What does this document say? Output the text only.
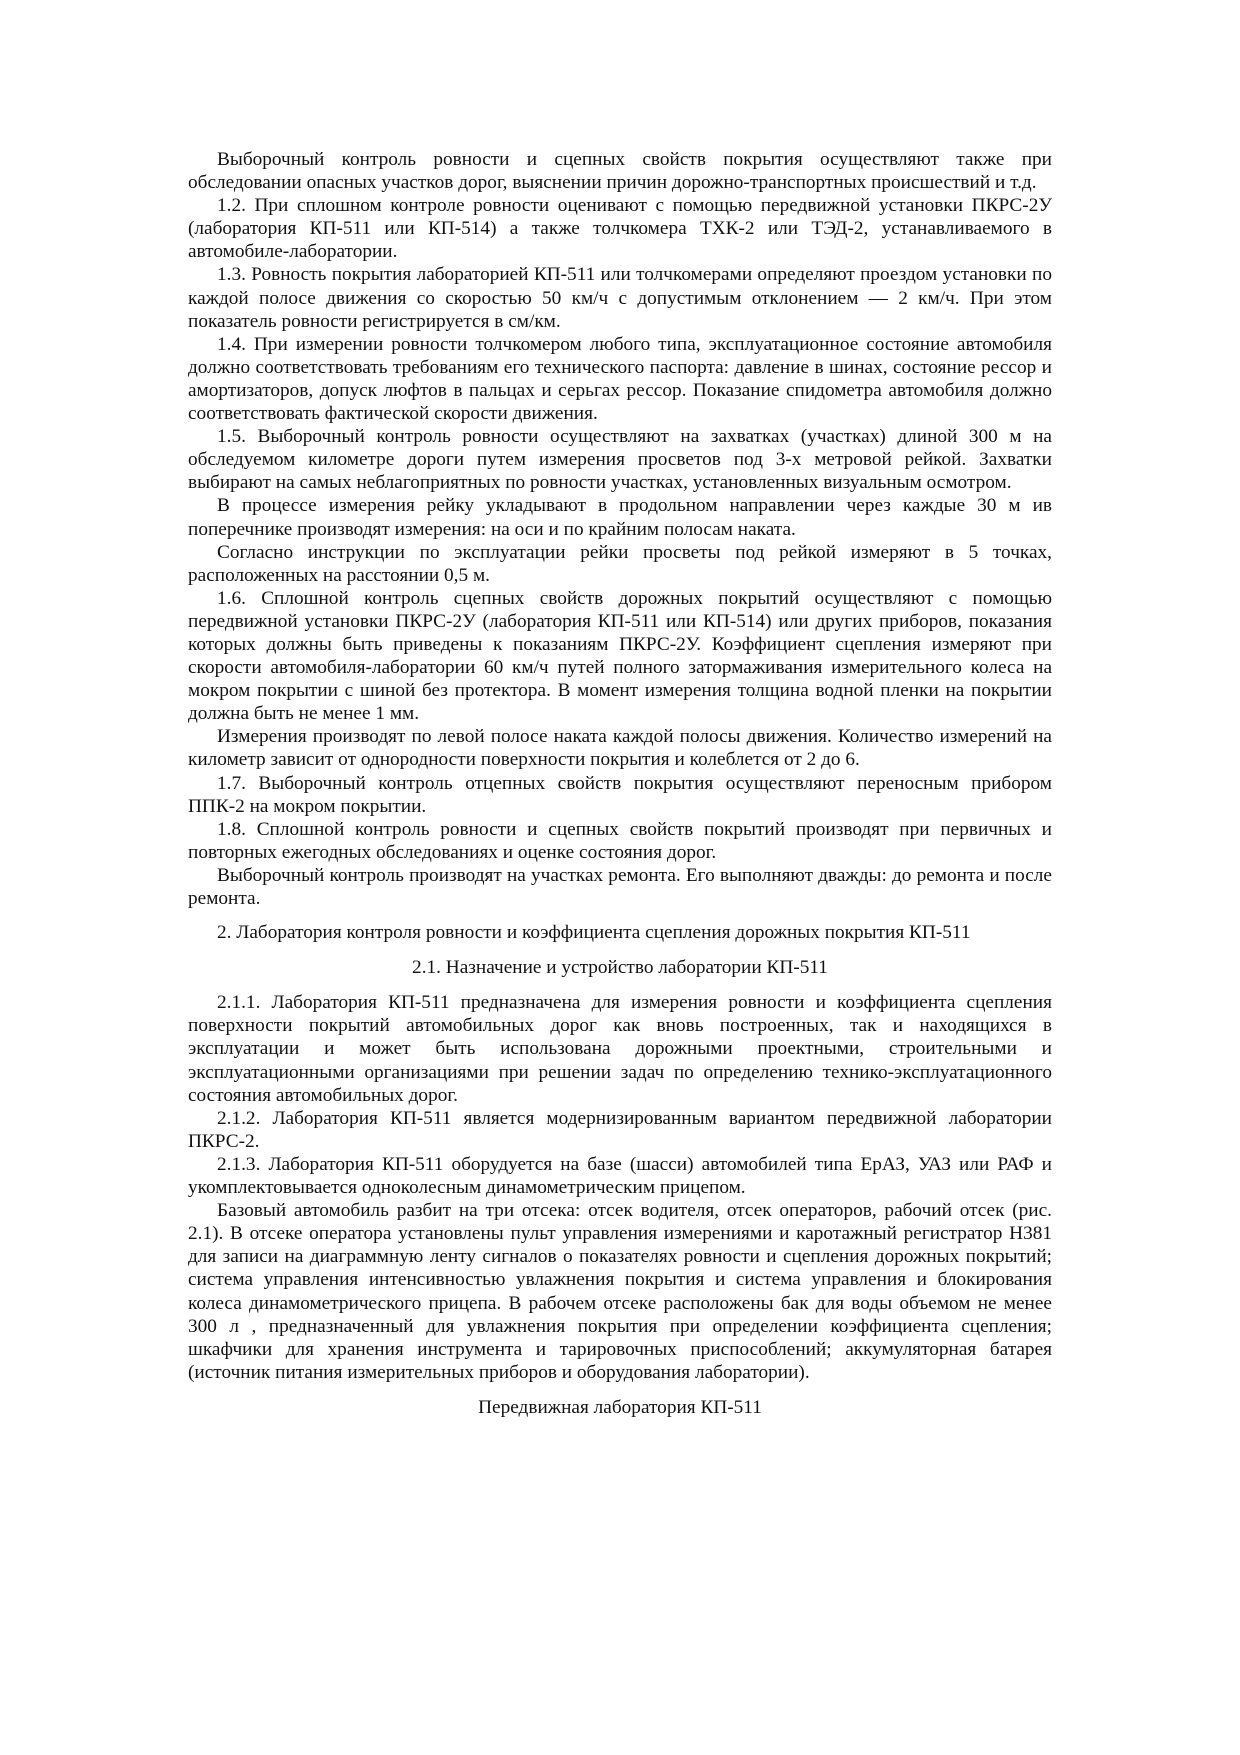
Выборочный контроль ровности и сцепных свойств покрытия осуществляют также при обследовании опасных участков дорог, выяснении причин дорожно-транспортных происшествий и т.д.

1.2. При сплошном контроле ровности оценивают с помощью передвижной установки ПКРС-2У (лаборатория КП-511 или КП-514) а также толчкомера ТХК-2 или ТЭД-2, устанавливаемого в автомобиле-лаборатории.

1.3. Ровность покрытия лабораторией КП-511 или толчкомерами определяют проездом установки по каждой полосе движения со скоростью 50 км/ч с допустимым отклонением — 2 км/ч. При этом показатель ровности регистрируется в см/км.

1.4. При измерении ровности толчкомером любого типа, эксплуатационное состояние автомобиля должно соответствовать требованиям его технического паспорта: давление в шинах, состояние рессор и амортизаторов, допуск люфтов в пальцах и серьгах рессор. Показание спидометра автомобиля должно соответствовать фактической скорости движения.

1.5. Выборочный контроль ровности осуществляют на захватках (участках) длиной 300 м на обследуемом километре дороги путем измерения просветов под 3-х метровой рейкой. Захватки выбирают на самых неблагоприятных по ровности участках, установленных визуальным осмотром.

В процессе измерения рейку укладывают в продольном направлении через каждые 30 м ив поперечнике производят измерения: на оси и по крайним полосам наката.

Согласно инструкции по эксплуатации рейки просветы под рейкой измеряют в 5 точках, расположенных на расстоянии 0,5 м.

1.6. Сплошной контроль сцепных свойств дорожных покрытий осуществляют с помощью передвижной установки ПКРС-2У (лаборатория КП-511 или КП-514) или других приборов, показания которых должны быть приведены к показаниям ПКРС-2У. Коэффициент сцепления измеряют при скорости автомобиля-лаборатории 60 км/ч путей полного затормаживания измерительного колеса на мокром покрытии с шиной без протектора. В момент измерения толщина водной пленки на покрытии должна быть не менее 1 мм.

Измерения производят по левой полосе наката каждой полосы движения. Количество измерений на километр зависит от однородности поверхности покрытия и колеблется от 2 до 6.

1.7. Выборочный контроль отцепных свойств покрытия осуществляют переносным прибором ППК-2 на мокром покрытии.

1.8. Сплошной контроль ровности и сцепных свойств покрытий производят при первичных и повторных ежегодных обследованиях и оценке состояния дорог.

Выборочный контроль производят на участках ремонта. Его выполняют дважды: до ремонта и после ремонта.

2. Лаборатория контроля ровности и коэффициента сцепления дорожных покрытия КП-511

2.1. Назначение и устройство лаборатории КП-511

2.1.1. Лаборатория КП-511 предназначена для измерения ровности и коэффициента сцепления поверхности покрытий автомобильных дорог как вновь построенных, так и находящихся в эксплуатации и может быть использована дорожными проектными, строительными и эксплуатационными организациями при решении задач по определению технико-эксплуатационного состояния автомобильных дорог.

2.1.2. Лаборатория КП-511 является модернизированным вариантом передвижной лаборатории ПКРС-2.

2.1.3. Лаборатория КП-511 оборудуется на базе (шасси) автомобилей типа ЕрАЗ, УАЗ или РАФ и укомплектовывается одноколесным динамометрическим прицепом.

Базовый автомобиль разбит на три отсека: отсек водителя, отсек операторов, рабочий отсек (рис. 2.1). В отсеке оператора установлены пульт управления измерениями и каротажный регистратор Н381 для записи на диаграммную ленту сигналов о показателях ровности и сцепления дорожных покрытий; система управления интенсивностью увлажнения покрытия и система управления и блокирования колеса динамометрического прицепа. В рабочем отсеке расположены бак для воды объемом не менее 300 л , предназначенный для увлажнения покрытия при определении коэффициента сцепления; шкафчики для хранения инструмента и тарировочных приспособлений; аккумуляторная батарея (источник питания измерительных приборов и оборудования лаборатории).

Передвижная лаборатория КП-511
